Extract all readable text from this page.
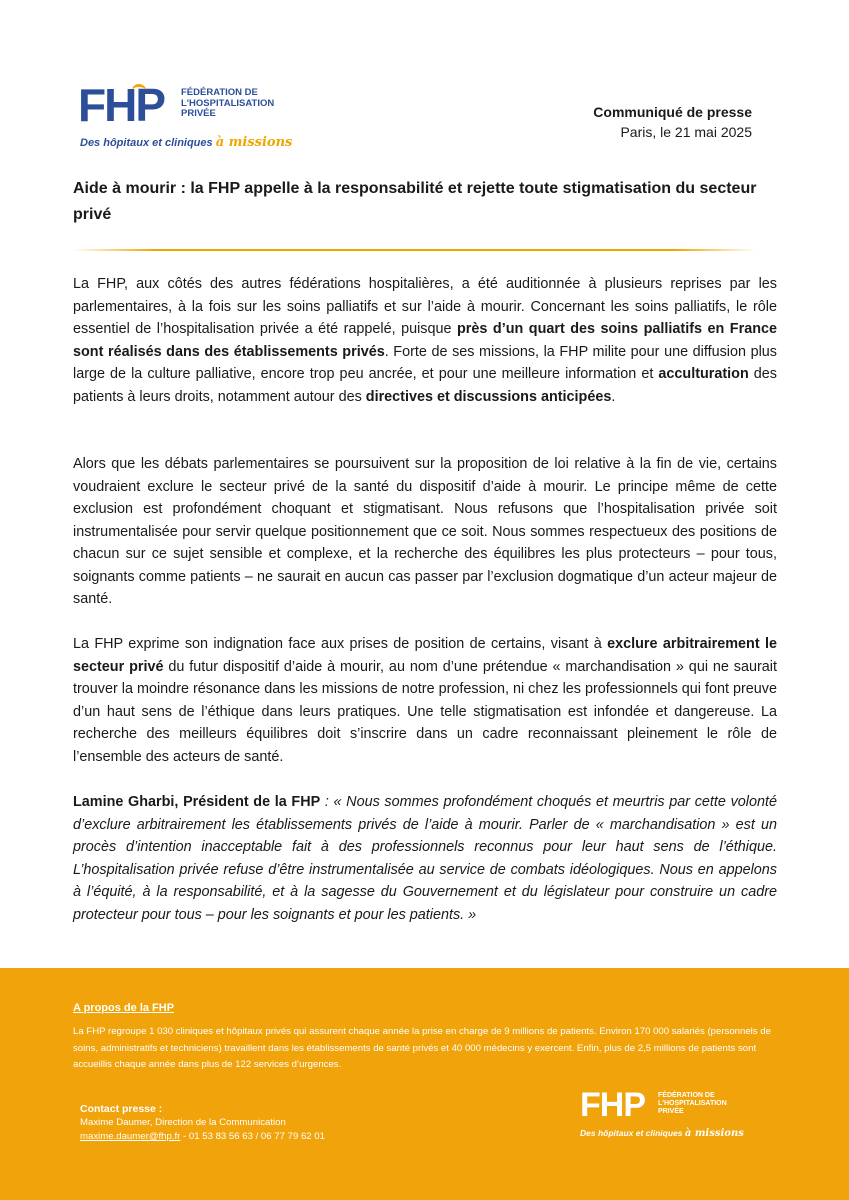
FHP FÉDÉRATION DE
L'HOSPITALISATION
PRIVÉE
Des hôpitaux et cliniques à missions
Communiqué de presse
Paris, le 21 mai 2025
Aide à mourir : la FHP appelle à la responsabilité et rejette toute stigmatisation du secteur privé

La FHP, aux côtés des autres fédérations hospitalières, a été auditionnée à plusieurs reprises par les parlementaires, à la fois sur les soins palliatifs et sur l’aide à mourir. Concernant les soins palliatifs, le rôle essentiel de l’hospitalisation privée a été rappelé, puisque près d’un quart des soins palliatifs en France sont réalisés dans des établissements privés. Forte de ses missions, la FHP milite pour une diffusion plus large de la culture palliative, encore trop peu ancrée, et pour une meilleure information et acculturation des patients à leurs droits, notamment autour des directives et discussions anticipées.

Alors que les débats parlementaires se poursuivent sur la proposition de loi relative à la fin de vie, certains voudraient exclure le secteur privé de la santé du dispositif d’aide à mourir. Le principe même de cette exclusion est profondément choquant et stigmatisant. Nous refusons que l’hospitalisation privée soit instrumentalisée pour servir quelque positionnement que ce soit. Nous sommes respectueux des positions de chacun sur ce sujet sensible et complexe, et la recherche des équilibres les plus protecteurs – pour tous, soignants comme patients – ne saurait en aucun cas passer par l’exclusion dogmatique d’un acteur majeur de santé.

La FHP exprime son indignation face aux prises de position de certains, visant à exclure arbitrairement le secteur privé du futur dispositif d’aide à mourir, au nom d’une prétendue « marchandisation » qui ne saurait trouver la moindre résonance dans les missions de notre profession, ni chez les professionnels qui font preuve d’un haut sens de l’éthique dans leurs pratiques. Une telle stigmatisation est infondée et dangereuse. La recherche des meilleurs équilibres doit s’inscrire dans un cadre reconnaissant pleinement le rôle de l’ensemble des acteurs de santé.

Lamine Gharbi, Président de la FHP : « Nous sommes profondément choqués et meurtris par cette volonté d’exclure arbitrairement les établissements privés de l’aide à mourir. Parler de « marchandisation » est un procès d’intention inacceptable fait à des professionnels reconnus pour leur haut sens de l’éthique. L’hospitalisation privée refuse d’être instrumentalisée au service de combats idéologiques. Nous en appelons à l’équité, à la responsabilité, et à la sagesse du Gouvernement et du législateur pour construire un cadre protecteur pour tous – pour les soignants et pour les patients. »

A propos de la FHP

La FHP regroupe 1 030 cliniques et hôpitaux privés qui assurent chaque année la prise en charge de 9 millions de patients. Environ 170 000 salariés (personnels de soins, administratifs et techniciens) travaillent dans les établissements de santé privés et 40 000 médecins y exercent. Enfin, plus de 2,5 millions de patients sont accueillis chaque année dans plus de 122 services d’urgences.

Contact presse :
Maxime Daumer, Direction de la Communication
maxime.daumer@fhp.fr - 01 53 83 56 63 / 06 77 79 62 01
FHP FÉDÉRATION DE
L'HOSPITALISATION
PRIVÉE
Des hôpitaux et cliniques à missions
